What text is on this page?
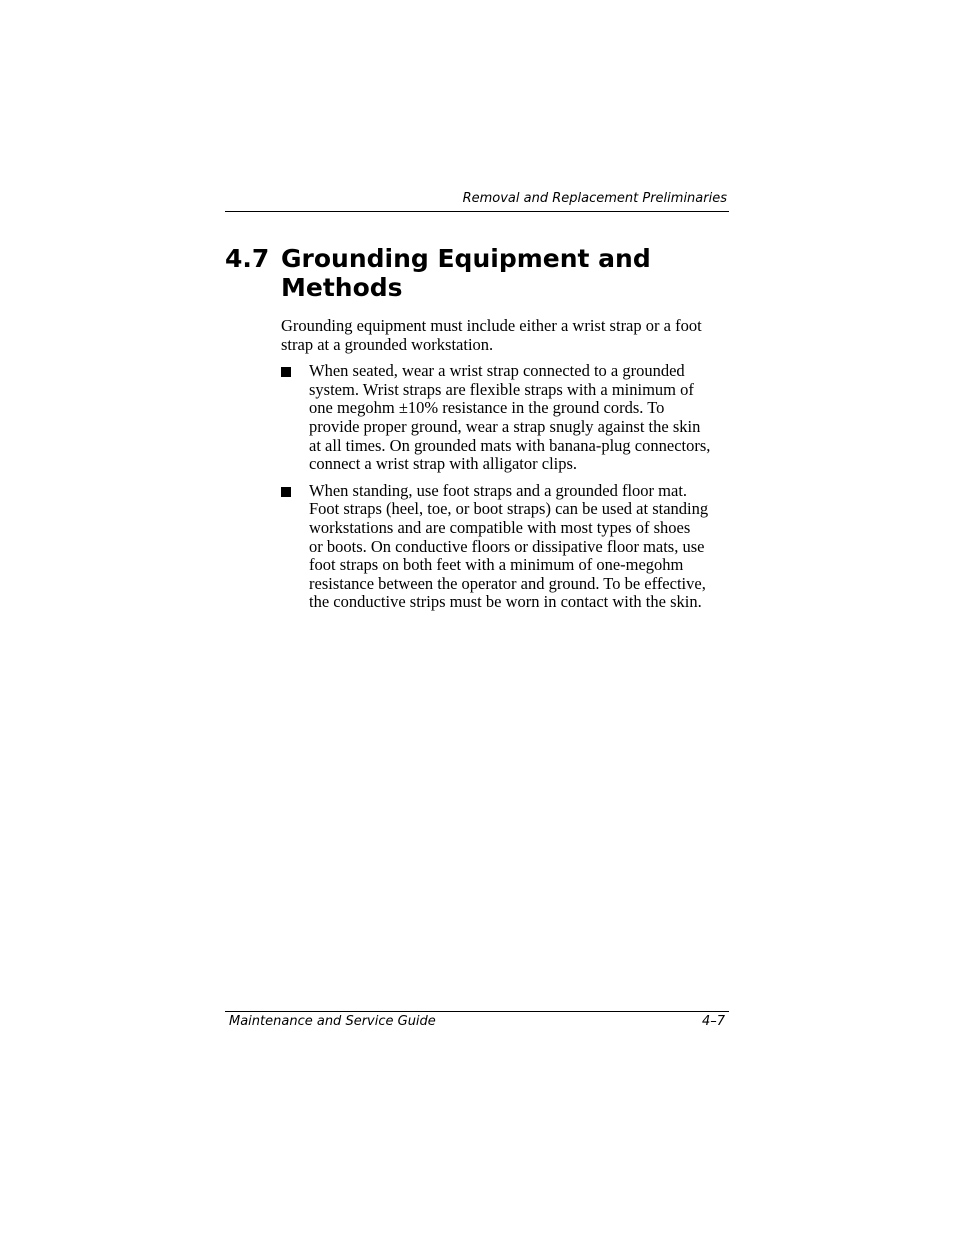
Removal and Replacement Preliminaries
4.7 Grounding Equipment and
Methods

Grounding equipment must include either a wrist strap or a foot
strap at a grounded workstation.

When seated, wear a wrist strap connected to a grounded
system. Wrist straps are flexible straps with a minimum of
one megohm ±10% resistance in the ground cords. To
provide proper ground, wear a strap snugly against the skin
at all times. On grounded mats with banana-plug connectors,
connect a wrist strap with alligator clips.
When standing, use foot straps and a grounded floor mat.
Foot straps (heel, toe, or boot straps) can be used at standing
workstations and are compatible with most types of shoes
or boots. On conductive floors or dissipative floor mats, use
foot straps on both feet with a minimum of one-megohm
resistance between the operator and ground. To be effective,
the conductive strips must be worn in contact with the skin.
Maintenance and Service Guide	4–7
